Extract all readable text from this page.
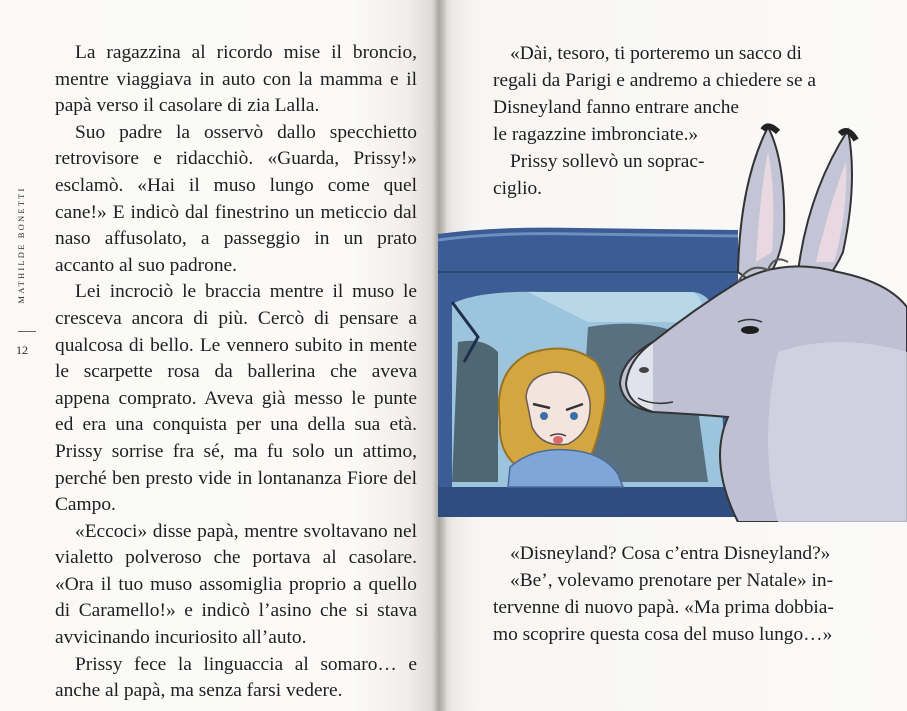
MATHILDE BONETTI
12

La ragazzina al ricordo mise il broncio, mentre viaggiava in auto con la mamma e il papà verso il casolare di zia Lalla.

Suo padre la osservò dallo specchietto retrovisore e ridacchiò. «Guarda, Prissy!» esclamò. «Hai il muso lungo come quel cane!» E indicò dal finestrino un meticcio dal naso affusolato, a passeggio in un prato accanto al suo padrone.

Lei incrociò le braccia mentre il muso le cresceva ancora di più. Cercò di pensare a qualcosa di bello. Le vennero subito in mente le scarpette rosa da ballerina che aveva appena comprato. Aveva già messo le punte ed era una conquista per una della sua età. Prissy sorrise fra sé, ma fu solo un attimo, perché ben presto vide in lontananza Fiore del Campo.

«Eccoci» disse papà, mentre svoltavano nel vialetto polveroso che portava al casolare. «Ora il tuo muso assomiglia proprio a quello di Caramello!» e indicò l’asino che si stava avvicinando incuriosito all’auto.

Prissy fece la linguaccia al somaro… e anche al papà, ma senza farsi vedere.

«Dài, tesoro, ti porteremo un sacco di
regali da Parigi e andremo a chiedere se a
Disneyland fanno entrare anche
le ragazzine imbronciate.»
Prissy sollevò un soprac-
ciglio.
«Disneyland? Cosa c’entra Disneyland?»
«Be’, volevamo prenotare per Natale» in-
tervenne di nuovo papà. «Ma prima dobbia-
mo scoprire questa cosa del muso lungo…»
